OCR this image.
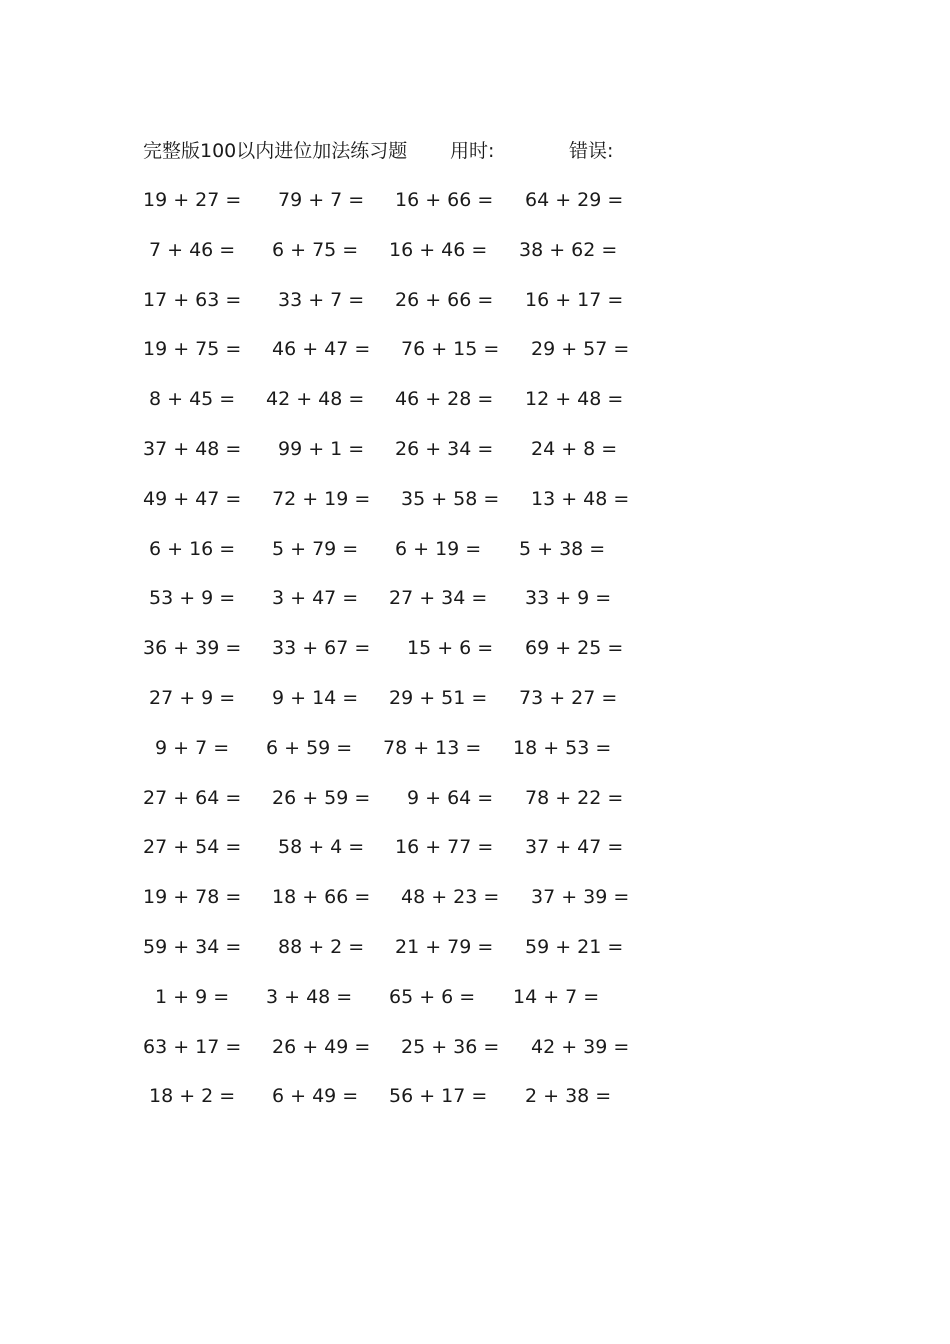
完整版100以内进位加法练习题 用时:	错误:
19 + 27 = 79 + 7 = 16 + 66 = 64 + 29 =
7 + 46 = 6 + 75 = 16 + 46 = 38 + 62 =
17 + 63 = 33 + 7 = 26 + 66 = 16 + 17 =
19 + 75 = 46 + 47 = 76 + 15 = 29 + 57 =
8 + 45 = 42 + 48 = 46 + 28 = 12 + 48 =
37 + 48 = 99 + 1 = 26 + 34 = 24 + 8 =
49 + 47 = 72 + 19 = 35 + 58 = 13 + 48 =
6 + 16 = 5 + 79 = 6 + 19 = 5 + 38 =
53 + 9 = 3 + 47 = 27 + 34 = 33 + 9 =
36 + 39 = 33 + 67 = 15 + 6 = 69 + 25 =
27 + 9 = 9 + 14 = 29 + 51 = 73 + 27 =
9 + 7 = 6 + 59 = 78 + 13 = 18 + 53 =
27 + 64 = 26 + 59 = 9 + 64 = 78 + 22 =
27 + 54 = 58 + 4 = 16 + 77 = 37 + 47 =
19 + 78 = 18 + 66 = 48 + 23 = 37 + 39 =
59 + 34 = 88 + 2 = 21 + 79 = 59 + 21 =
1 + 9 = 3 + 48 = 65 + 6 = 14 + 7 =
63 + 17 = 26 + 49 = 25 + 36 = 42 + 39 =
18 + 2 = 6 + 49 = 56 + 17 = 2 + 38 =
